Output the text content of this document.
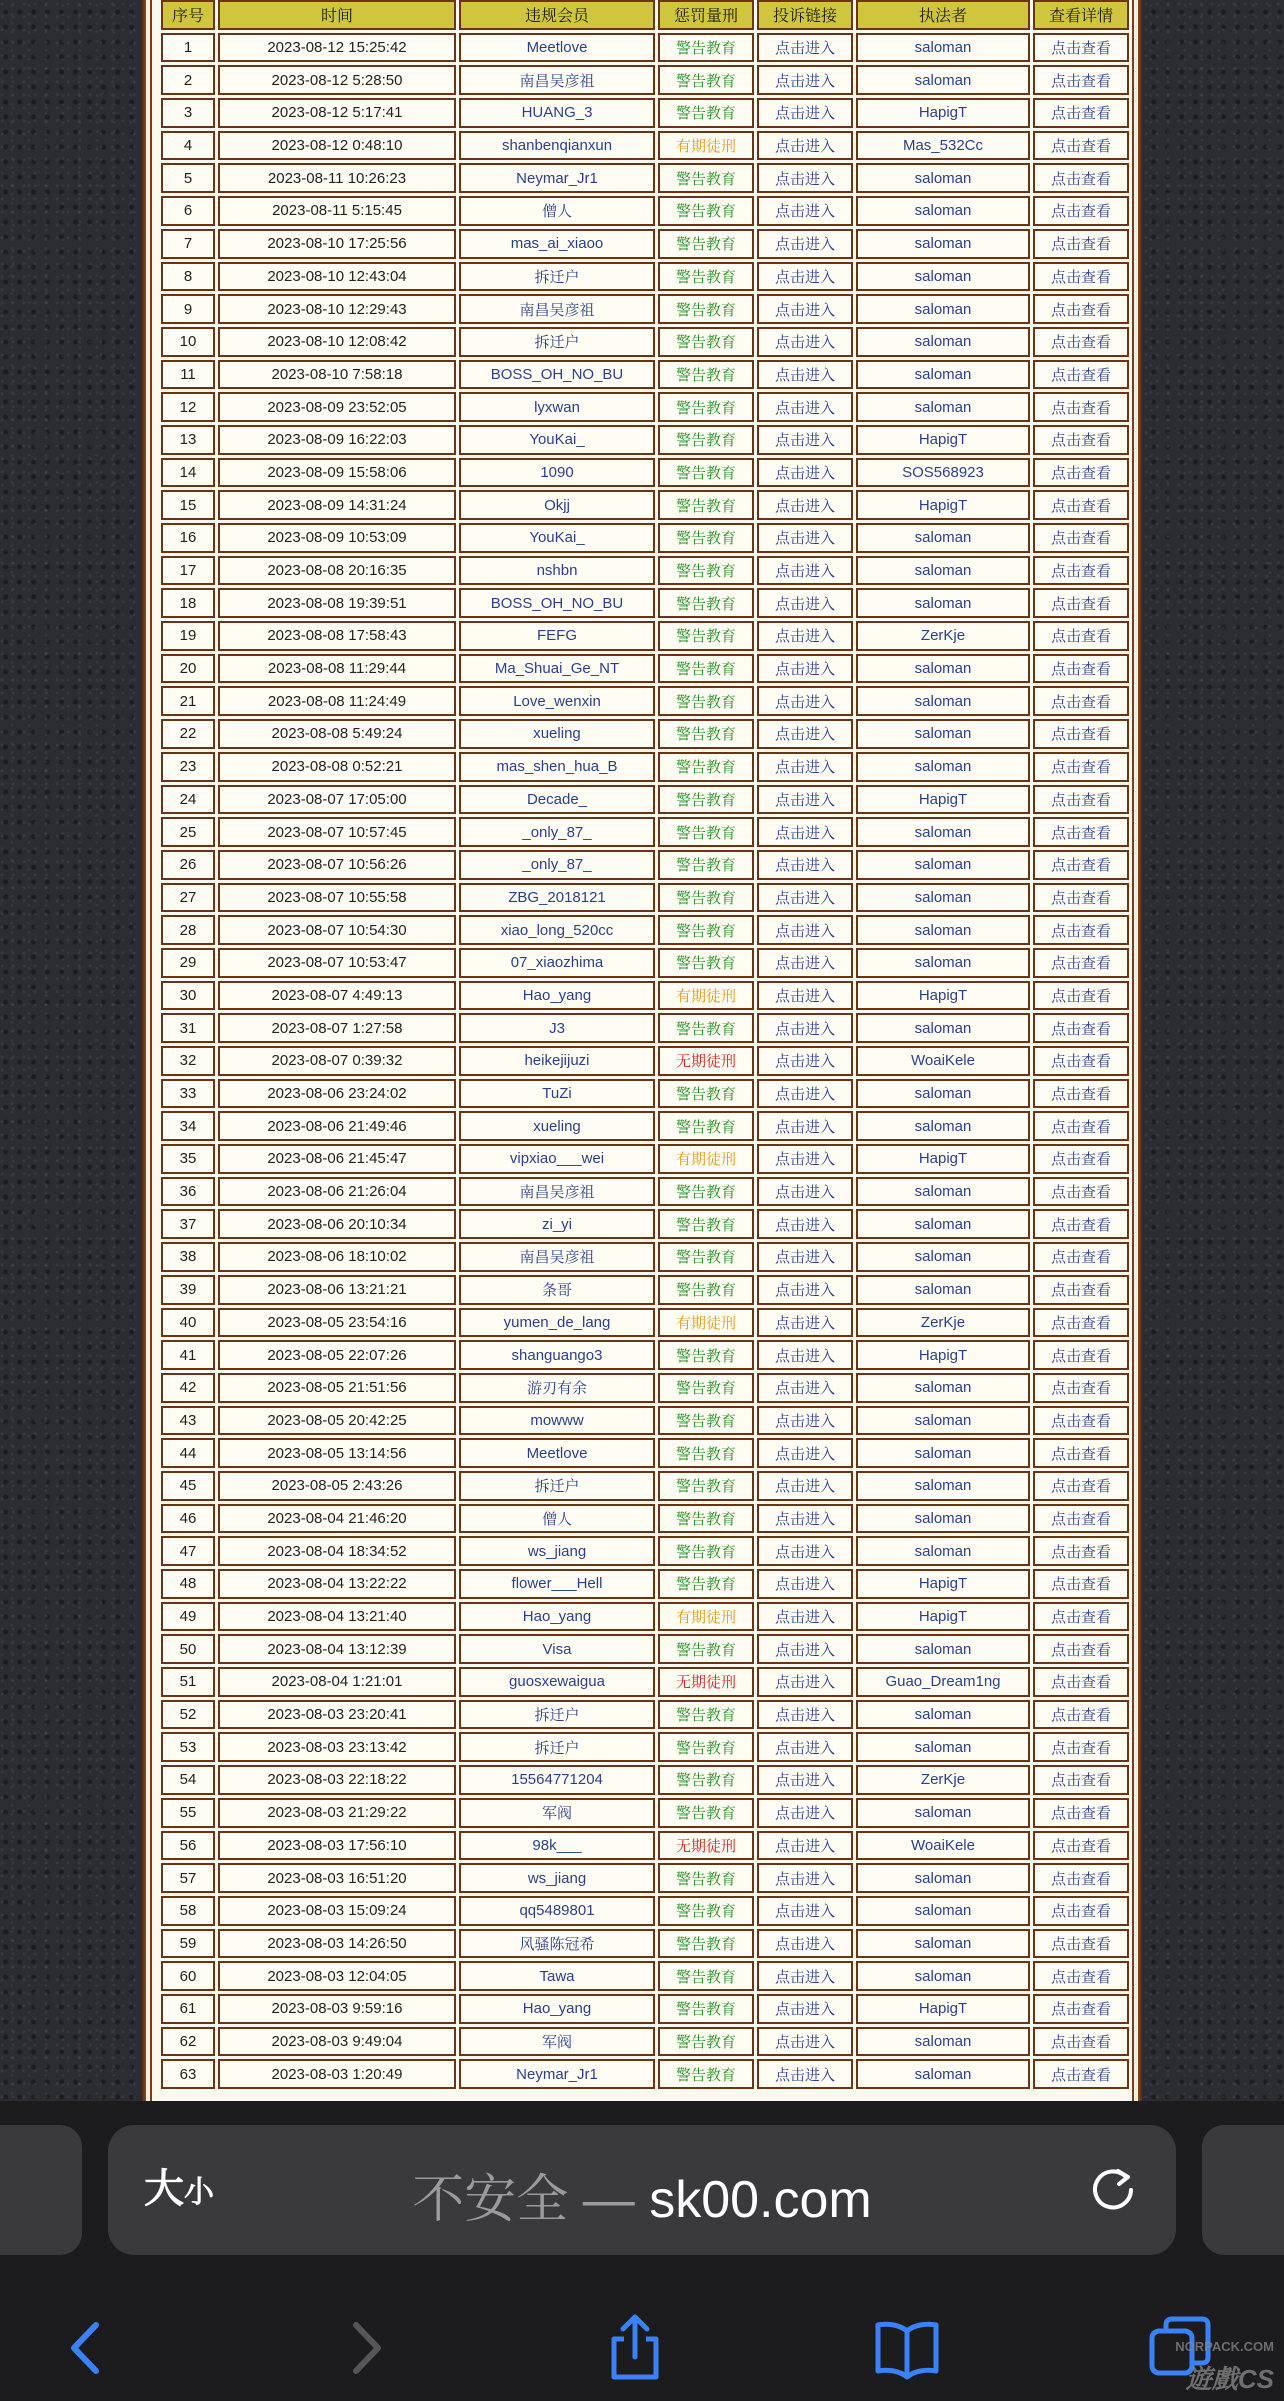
序号	时间	违规会员	惩罚量刑	投诉链接	执法者	查看详情
1	2023-08-12 15:25:42	Meetlove	警告教育	点击进入	saloman	点击查看
2	2023-08-12 5:28:50	南昌吴彦祖	警告教育	点击进入	saloman	点击查看
3	2023-08-12 5:17:41	HUANG_3	警告教育	点击进入	HapigT	点击查看
4	2023-08-12 0:48:10	shanbenqianxun	有期徒刑	点击进入	Mas_532Cc	点击查看
5	2023-08-11 10:26:23	Neymar_Jr1	警告教育	点击进入	saloman	点击查看
6	2023-08-11 5:15:45	僧人	警告教育	点击进入	saloman	点击查看
7	2023-08-10 17:25:56	mas_ai_xiaoo	警告教育	点击进入	saloman	点击查看
8	2023-08-10 12:43:04	拆迁户	警告教育	点击进入	saloman	点击查看
9	2023-08-10 12:29:43	南昌吴彦祖	警告教育	点击进入	saloman	点击查看
10	2023-08-10 12:08:42	拆迁户	警告教育	点击进入	saloman	点击查看
11	2023-08-10 7:58:18	BOSS_OH_NO_BU	警告教育	点击进入	saloman	点击查看
12	2023-08-09 23:52:05	lyxwan	警告教育	点击进入	saloman	点击查看
13	2023-08-09 16:22:03	YouKai_	警告教育	点击进入	HapigT	点击查看
14	2023-08-09 15:58:06	1090	警告教育	点击进入	SOS568923	点击查看
15	2023-08-09 14:31:24	Okjj	警告教育	点击进入	HapigT	点击查看
16	2023-08-09 10:53:09	YouKai_	警告教育	点击进入	saloman	点击查看
17	2023-08-08 20:16:35	nshbn	警告教育	点击进入	saloman	点击查看
18	2023-08-08 19:39:51	BOSS_OH_NO_BU	警告教育	点击进入	saloman	点击查看
19	2023-08-08 17:58:43	FEFG	警告教育	点击进入	ZerKje	点击查看
20	2023-08-08 11:29:44	Ma_Shuai_Ge_NT	警告教育	点击进入	saloman	点击查看
21	2023-08-08 11:24:49	Love_wenxin	警告教育	点击进入	saloman	点击查看
22	2023-08-08 5:49:24	xueling	警告教育	点击进入	saloman	点击查看
23	2023-08-08 0:52:21	mas_shen_hua_B	警告教育	点击进入	saloman	点击查看
24	2023-08-07 17:05:00	Decade_	警告教育	点击进入	HapigT	点击查看
25	2023-08-07 10:57:45	_only_87_	警告教育	点击进入	saloman	点击查看
26	2023-08-07 10:56:26	_only_87_	警告教育	点击进入	saloman	点击查看
27	2023-08-07 10:55:58	ZBG_2018121	警告教育	点击进入	saloman	点击查看
28	2023-08-07 10:54:30	xiao_long_520cc	警告教育	点击进入	saloman	点击查看
29	2023-08-07 10:53:47	07_xiaozhima	警告教育	点击进入	saloman	点击查看
30	2023-08-07 4:49:13	Hao_yang	有期徒刑	点击进入	HapigT	点击查看
31	2023-08-07 1:27:58	J3	警告教育	点击进入	saloman	点击查看
32	2023-08-07 0:39:32	heikejijuzi	无期徒刑	点击进入	WoaiKele	点击查看
33	2023-08-06 23:24:02	TuZi	警告教育	点击进入	saloman	点击查看
34	2023-08-06 21:49:46	xueling	警告教育	点击进入	saloman	点击查看
35	2023-08-06 21:45:47	vipxiao___wei	有期徒刑	点击进入	HapigT	点击查看
36	2023-08-06 21:26:04	南昌吴彦祖	警告教育	点击进入	saloman	点击查看
37	2023-08-06 20:10:34	zi_yi	警告教育	点击进入	saloman	点击查看
38	2023-08-06 18:10:02	南昌吴彦祖	警告教育	点击进入	saloman	点击查看
39	2023-08-06 13:21:21	条哥	警告教育	点击进入	saloman	点击查看
40	2023-08-05 23:54:16	yumen_de_lang	有期徒刑	点击进入	ZerKje	点击查看
41	2023-08-05 22:07:26	shanguango3	警告教育	点击进入	HapigT	点击查看
42	2023-08-05 21:51:56	游刃有余	警告教育	点击进入	saloman	点击查看
43	2023-08-05 20:42:25	mowww	警告教育	点击进入	saloman	点击查看
44	2023-08-05 13:14:56	Meetlove	警告教育	点击进入	saloman	点击查看
45	2023-08-05 2:43:26	拆迁户	警告教育	点击进入	saloman	点击查看
46	2023-08-04 21:46:20	僧人	警告教育	点击进入	saloman	点击查看
47	2023-08-04 18:34:52	ws_jiang	警告教育	点击进入	saloman	点击查看
48	2023-08-04 13:22:22	flower___Hell	警告教育	点击进入	HapigT	点击查看
49	2023-08-04 13:21:40	Hao_yang	有期徒刑	点击进入	HapigT	点击查看
50	2023-08-04 13:12:39	Visa	警告教育	点击进入	saloman	点击查看
51	2023-08-04 1:21:01	guosxewaigua	无期徒刑	点击进入	Guao_Dream1ng	点击查看
52	2023-08-03 23:20:41	拆迁户	警告教育	点击进入	saloman	点击查看
53	2023-08-03 23:13:42	拆迁户	警告教育	点击进入	saloman	点击查看
54	2023-08-03 22:18:22	15564771204	警告教育	点击进入	ZerKje	点击查看
55	2023-08-03 21:29:22	军阀	警告教育	点击进入	saloman	点击查看
56	2023-08-03 17:56:10	98k___	无期徒刑	点击进入	WoaiKele	点击查看
57	2023-08-03 16:51:20	ws_jiang	警告教育	点击进入	saloman	点击查看
58	2023-08-03 15:09:24	qq5489801	警告教育	点击进入	saloman	点击查看
59	2023-08-03 14:26:50	风骚陈冠希	警告教育	点击进入	saloman	点击查看
60	2023-08-03 12:04:05	Tawa	警告教育	点击进入	saloman	点击查看
61	2023-08-03 9:59:16	Hao_yang	警告教育	点击进入	HapigT	点击查看
62	2023-08-03 9:49:04	军阀	警告教育	点击进入	saloman	点击查看
63	2023-08-03 1:20:49	Neymar_Jr1	警告教育	点击进入	saloman	点击查看
大小	不安全 — sk00.com
NORPACK.COM
遊戲CS
